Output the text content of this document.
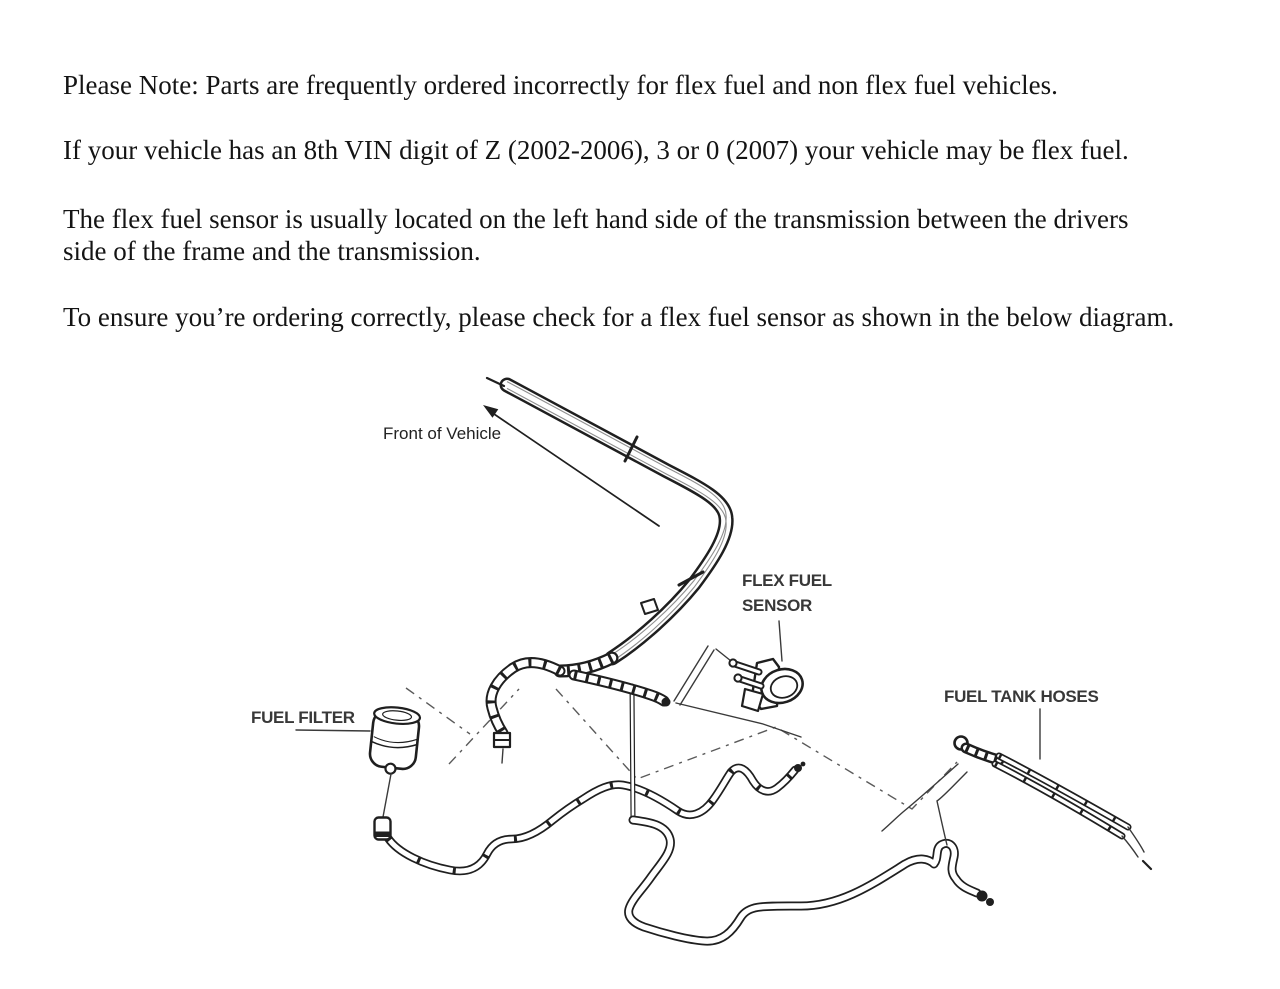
Please Note: Parts are frequently ordered incorrectly for flex fuel and non flex fuel vehicles.
If your vehicle has an 8th VIN digit of Z (2002-2006), 3 or 0 (2007) your vehicle may be flex fuel.
The flex fuel sensor is usually located on the left hand side of the transmission between the drivers
side of the frame and the transmission.
To ensure you’re ordering correctly, please check for a flex fuel sensor as shown in the below diagram.
Front of Vehicle
FLEX FUEL
SENSOR
FUEL FILTER
FUEL TANK HOSES
